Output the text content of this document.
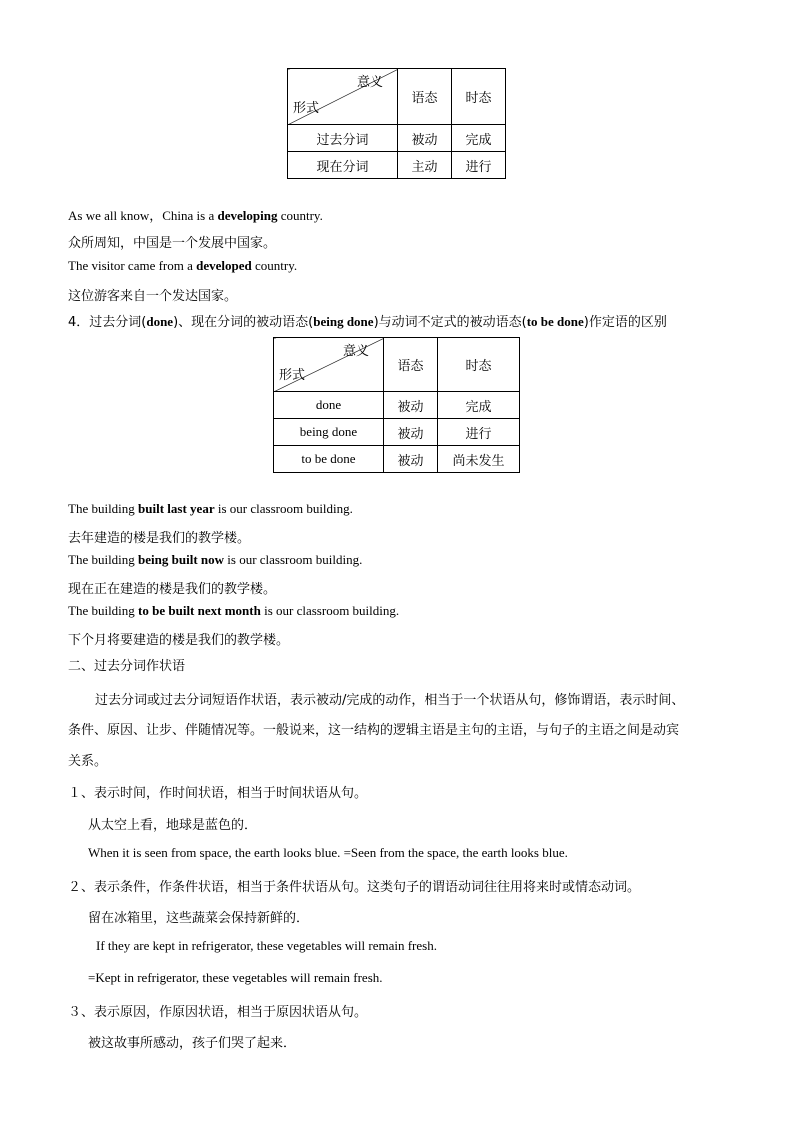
意义
形式	语态	时态
过去分词	被动	完成
现在分词	主动	进行
As we all know，China is a developing country.
众所周知，中国是一个发展中国家。
The visitor came from a developed country.
这位游客来自一个发达国家。
4．过去分词(done)、现在分词的被动语态(being done)与动词不定式的被动语态(to be done)作定语的区别
意义
形式	语态	时态
done	被动	完成
being done	被动	进行
to be done	被动	尚未发生
The building built last year is our classroom building.
去年建造的楼是我们的教学楼。
The building being built now is our classroom building.
现在正在建造的楼是我们的教学楼。
The building to be built next month is our classroom building.
下个月将要建造的楼是我们的教学楼。
二、过去分词作状语
过去分词或过去分词短语作状语，表示被动/完成的动作，相当于一个状语从句，修饰谓语，表示时间、
条件、原因、让步、伴随情况等。一般说来，这一结构的逻辑主语是主句的主语，与句子的主语之间是动宾
关系。
１、表示时间，作时间状语，相当于时间状语从句。
从太空上看，地球是蓝色的．
When it is seen from space, the earth looks blue. =Seen from the space, the earth looks blue.
２、表示条件，作条件状语，相当于条件状语从句。这类句子的谓语动词往往用将来时或情态动词。
留在冰箱里，这些蔬菜会保持新鲜的．
If they are kept in refrigerator, these vegetables will remain fresh.
=Kept in refrigerator, these vegetables will remain fresh.
３、表示原因，作原因状语，相当于原因状语从句。
被这故事所感动，孩子们哭了起来．
